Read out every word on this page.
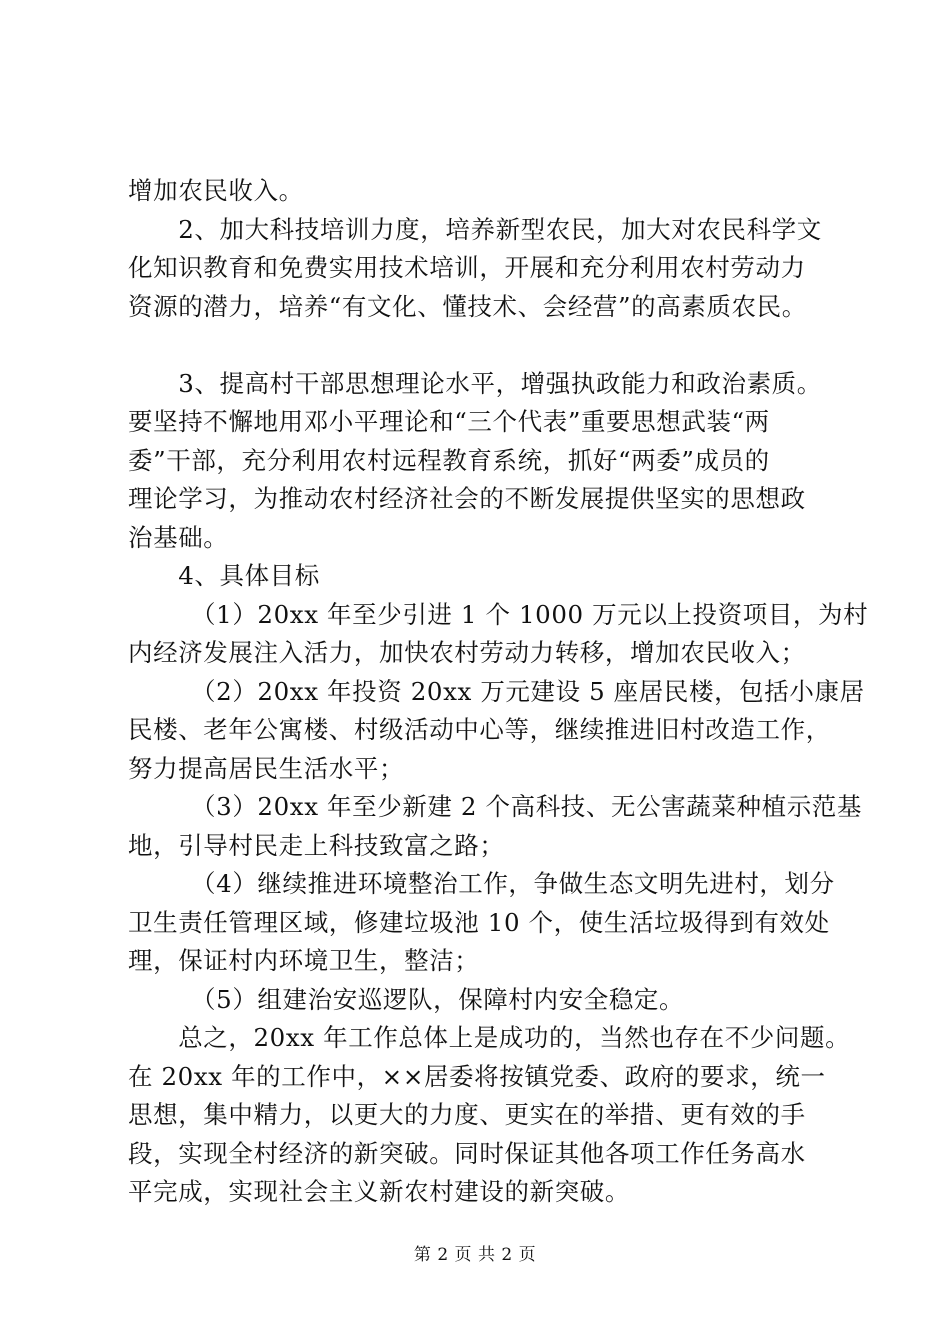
增加农民收入。
　　2、加大科技培训力度，培养新型农民，加大对农民科学文
化知识教育和免费实用技术培训，开展和充分利用农村劳动力
资源的潜力，培养“有文化、懂技术、会经营”的高素质农民。
　　3、提高村干部思想理论水平，增强执政能力和政治素质。
要坚持不懈地用邓小平理论和“三个代表”重要思想武装“两
委”干部，充分利用农村远程教育系统，抓好“两委”成员的
理论学习，为推动农村经济社会的不断发展提供坚实的思想政
治基础。
　　4、具体目标
　　　（1）20xx 年至少引进 1 个 1000 万元以上投资项目，为村
内经济发展注入活力，加快农村劳动力转移，增加农民收入；
　　　（2）20xx 年投资 20xx 万元建设 5 座居民楼，包括小康居
民楼、老年公寓楼、村级活动中心等，继续推进旧村改造工作，
努力提高居民生活水平；
　　　（3）20xx 年至少新建 2 个高科技、无公害蔬菜种植示范基
地，引导村民走上科技致富之路；
　　　（4）继续推进环境整治工作，争做生态文明先进村，划分
卫生责任管理区域，修建垃圾池 10 个，使生活垃圾得到有效处
理，保证村内环境卫生，整洁；
　　　（5）组建治安巡逻队，保障村内安全稳定。
　　总之，20xx 年工作总体上是成功的，当然也存在不少问题。
在 20xx 年的工作中，××居委将按镇党委、政府的要求，统一
思想，集中精力，以更大的力度、更实在的举措、更有效的手
段，实现全村经济的新突破。同时保证其他各项工作任务高水
平完成，实现社会主义新农村建设的新突破。
第 2 页 共 2 页
